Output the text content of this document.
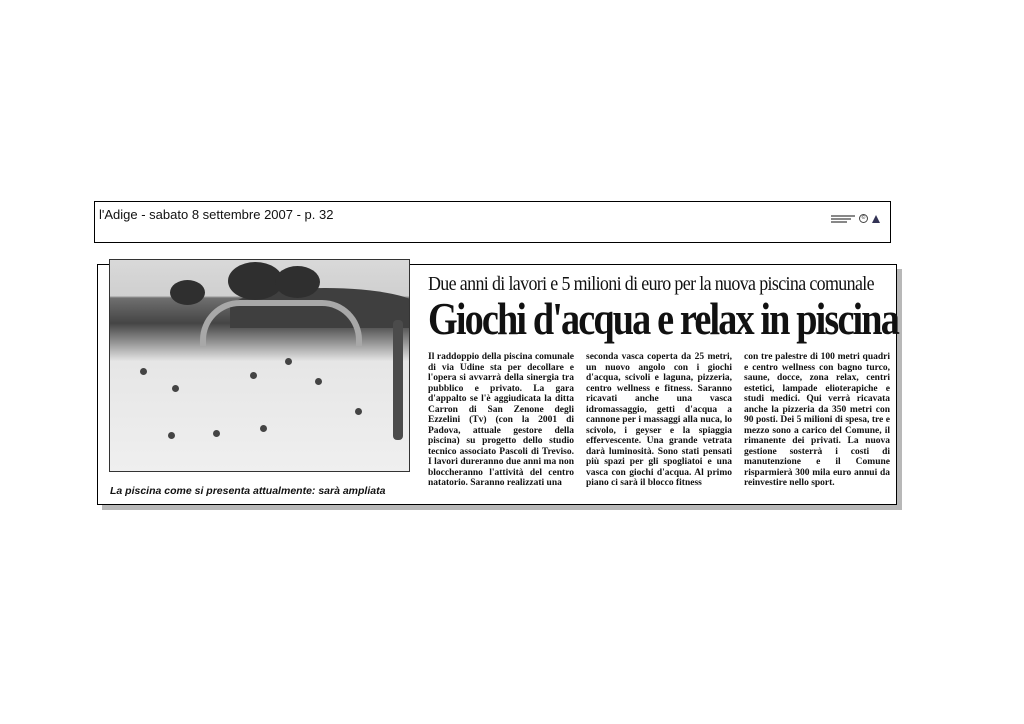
l'Adige - sabato 8 settembre 2007 - p. 32	©
La piscina come si presenta attualmente: sarà ampliata
Due anni di lavori e 5 milioni di euro per la nuova piscina comunale
Giochi d'acqua e relax in piscina

Il raddoppio della piscina comunale di via Udine sta per decollare e l'opera si avvarrà della sinergia tra pubblico e privato. La gara d'appalto se l'è aggiudicata la ditta Carron di San Zenone degli Ezzelini (Tv) (con la 2001 di Padova, attuale gestore della piscina) su progetto dello studio tecnico associato Pascoli di Treviso. I lavori dureranno due anni ma non bloccheranno l'attività del centro natatorio. Saranno realizzati una

seconda vasca coperta da 25 metri, un nuovo angolo con i giochi d'acqua, scivoli e laguna, pizzeria, centro wellness e fitness. Saranno ricavati anche una vasca idromassaggio, getti d'acqua a cannone per i massaggi alla nuca, lo scivolo, i geyser e la spiaggia effervescente. Una grande vetrata darà luminosità. Sono stati pensati più spazi per gli spogliatoi e una vasca con giochi d'acqua. Al primo piano ci sarà il blocco fitness

con tre palestre di 100 metri quadri e centro wellness con bagno turco, saune, docce, zona relax, centri estetici, lampade elioterapiche e studi medici. Qui verrà ricavata anche la pizzeria da 350 metri con 90 posti. Dei 5 milioni di spesa, tre e mezzo sono a carico del Comune, il rimanente dei privati. La nuova gestione sosterrà i costi di manutenzione e il Comune risparmierà 300 mila euro annui da reinvestire nello sport.
